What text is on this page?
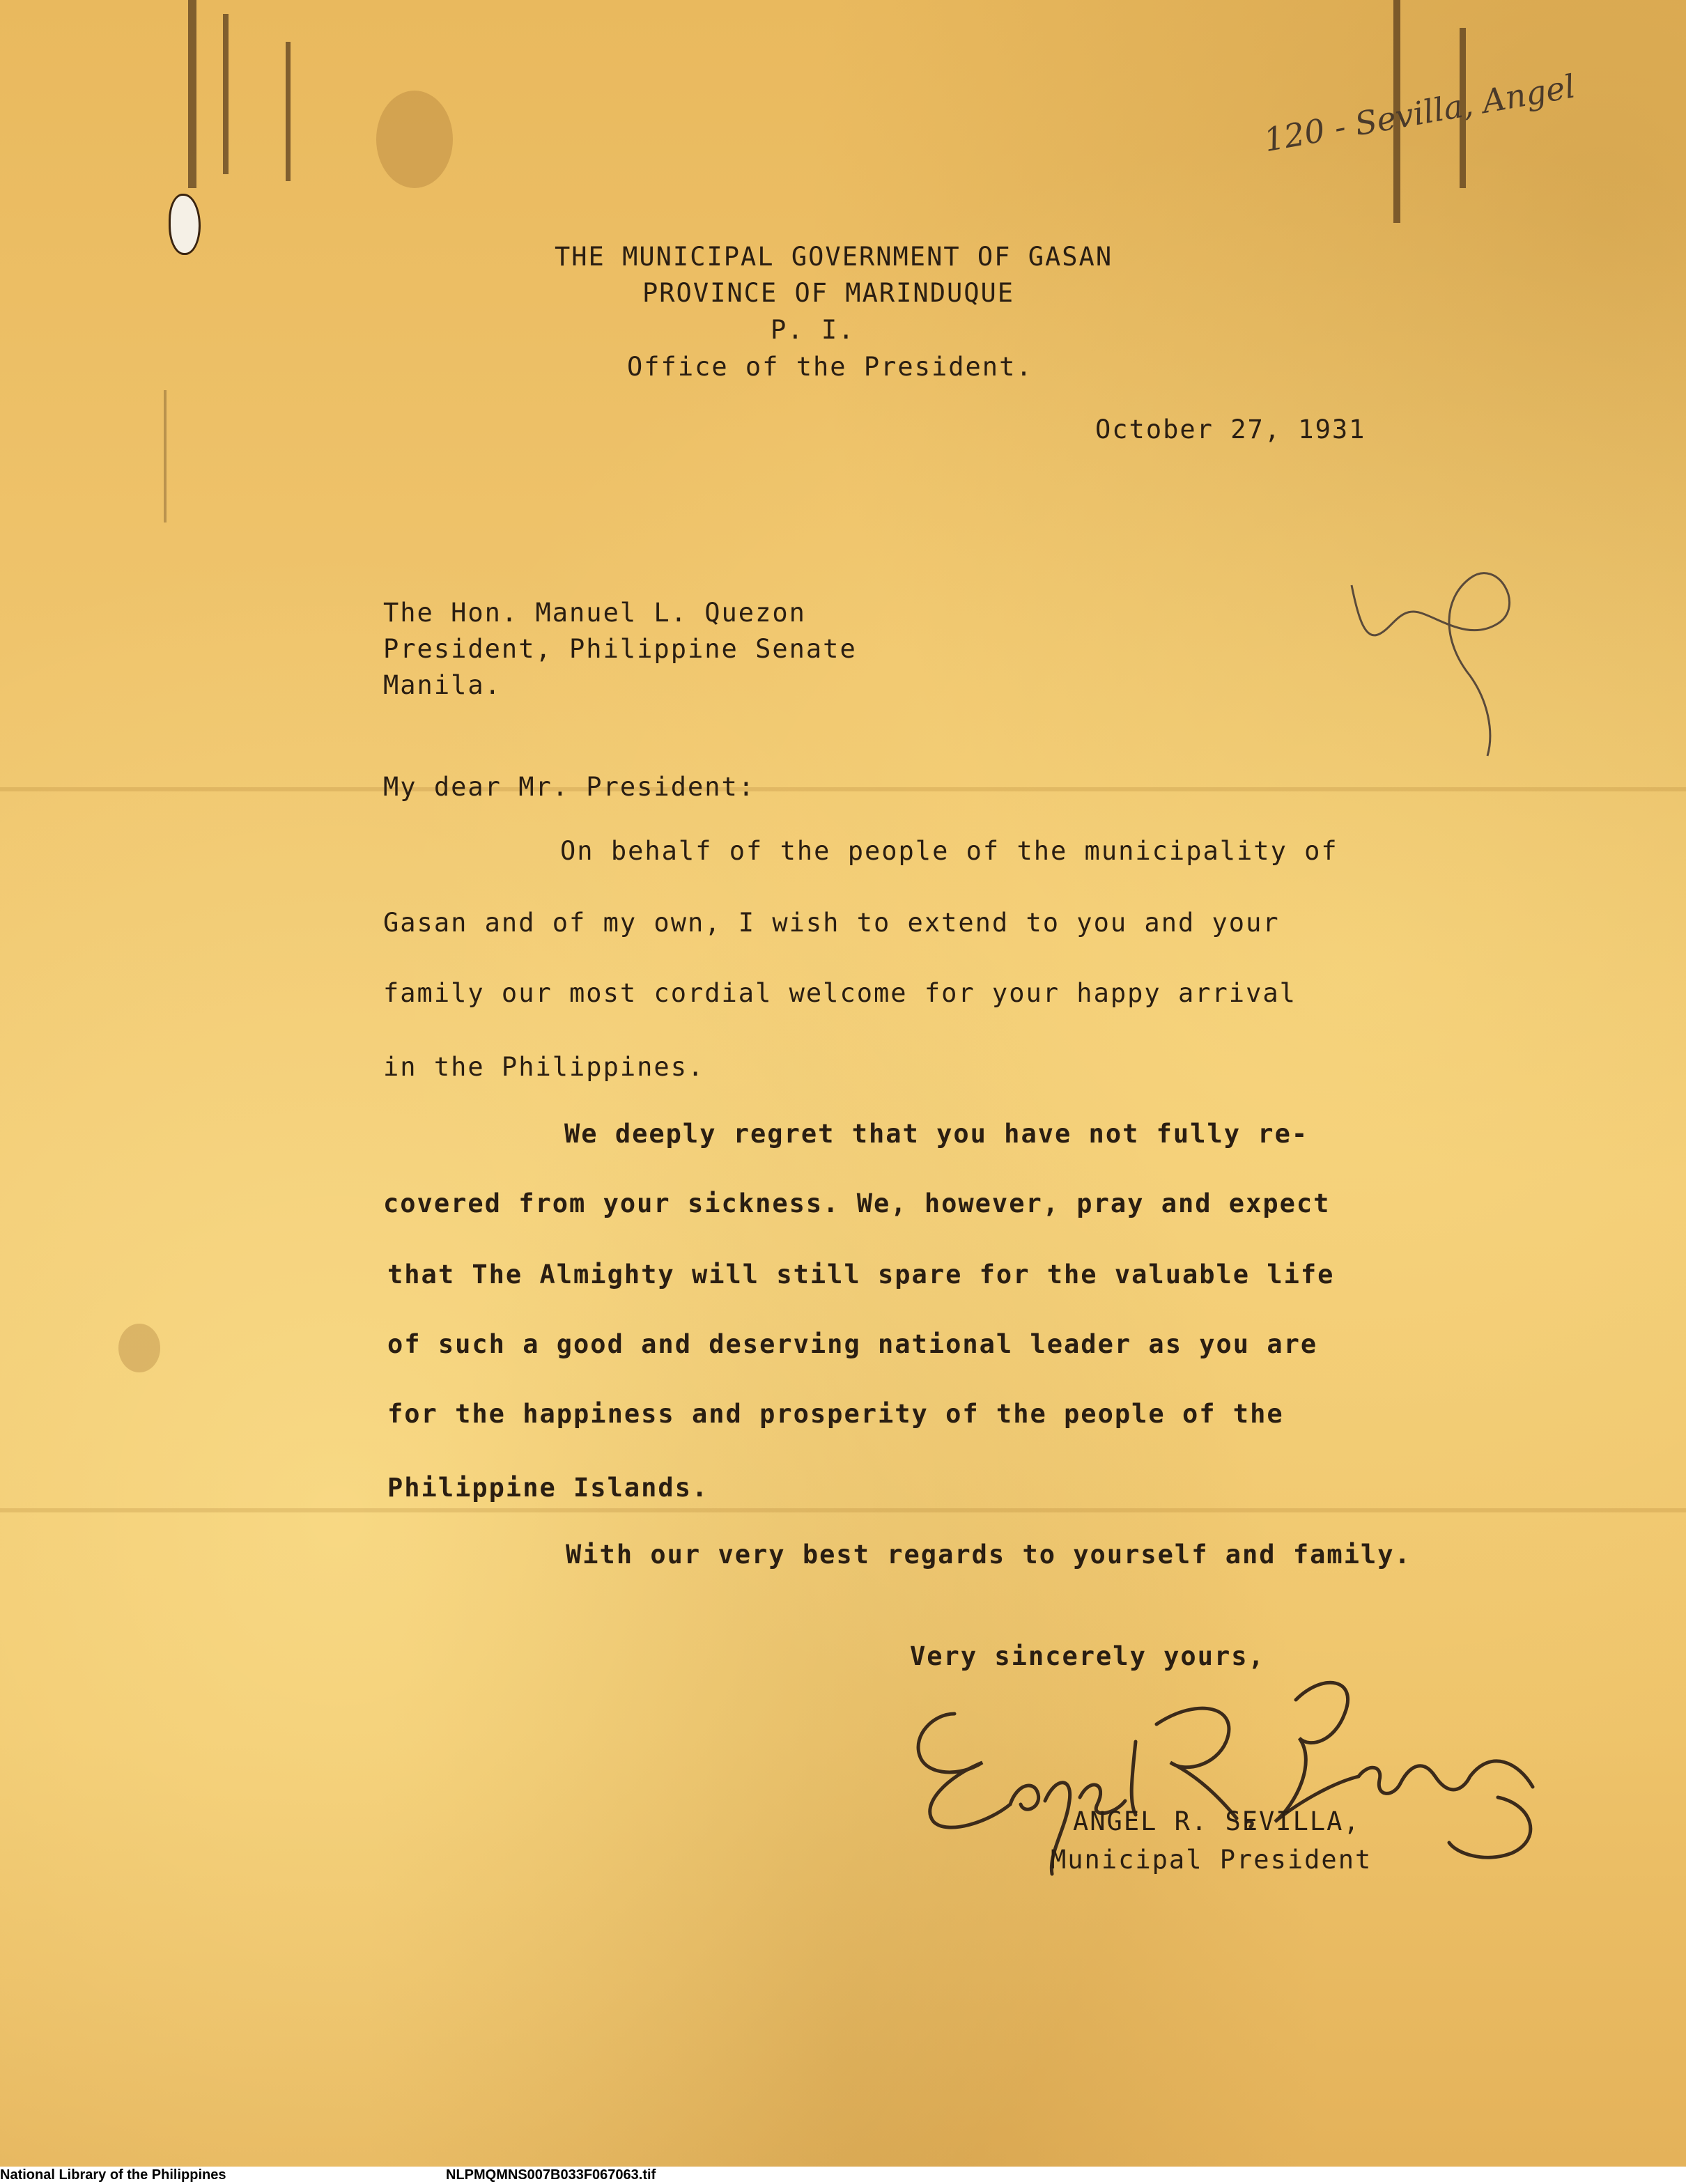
120 - Sevilla, Angel

THE MUNICIPAL GOVERNMENT OF GASAN

PROVINCE OF MARINDUQUE

P. I.

Office of the President.

October 27, 1931

The Hon. Manuel L. Quezon

President, Philippine Senate

Manila.

My dear Mr. President:

On behalf of the people of the municipality of

Gasan and of my own, I wish to extend to you and your

family our most cordial welcome for your happy arrival

in the Philippines.

We deeply regret that you have not fully re-

covered from your sickness. We, however, pray and expect

that The Almighty will still spare for the valuable life

of such a good and deserving national leader as you are

for the happiness and prosperity of the people of the

Philippine Islands.

With our very best regards to yourself and family.

Very sincerely yours,

ANGEL R. SEVILLA,

Municipal President

National Library of the Philippines	NLPMQMNS007B033F067063.tif
